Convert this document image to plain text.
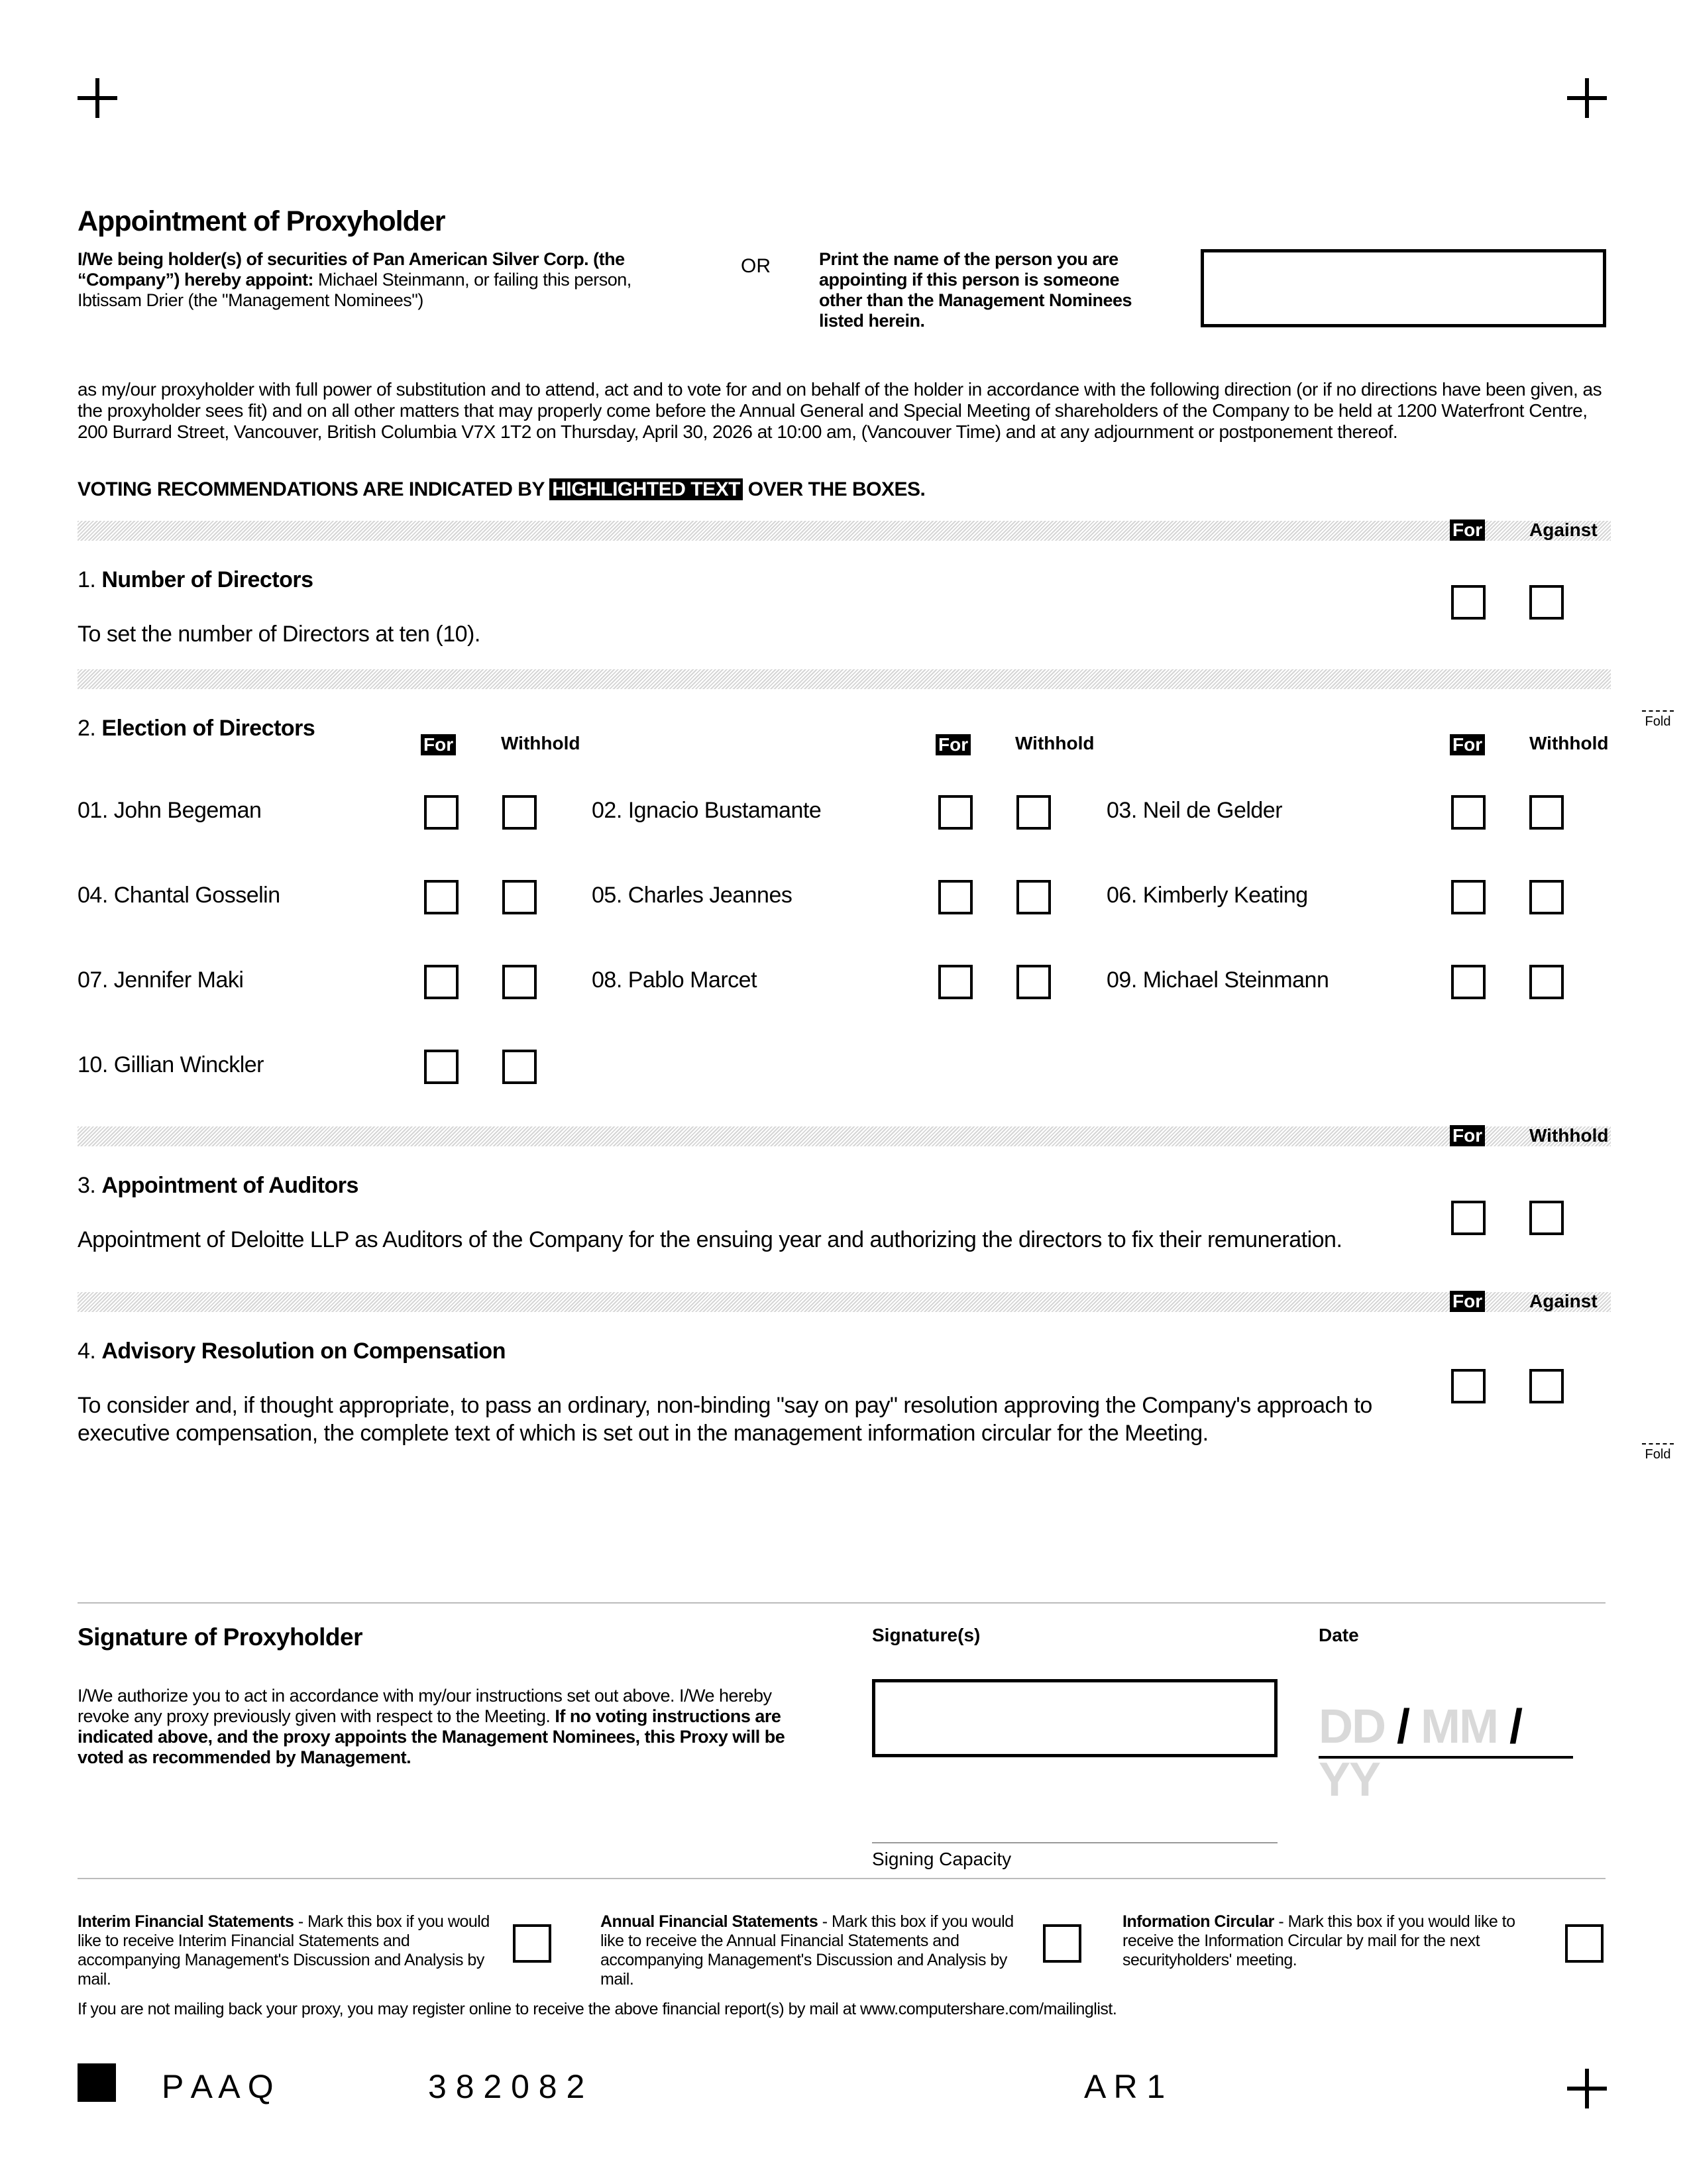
Appointment of Proxyholder
I/We being holder(s) of securities of Pan American Silver Corp. (the “Company”) hereby appoint: Michael Steinmann, or failing this person, Ibtissam Drier (the "Management Nominees")
OR	Print the name of the person you are appointing if this person is someone other than the Management Nominees listed herein.
as my/our proxyholder with full power of substitution and to attend, act and to vote for and on behalf of the holder in accordance with the following direction (or if no directions have been given, as the proxyholder sees fit) and on all other matters that may properly come before the Annual General and Special Meeting of shareholders of the Company to be held at 1200 Waterfront Centre, 200 Burrard Street, Vancouver, British Columbia V7X 1T2 on Thursday, April 30, 2026 at 10:00 am, (Vancouver Time) and at any adjournment or postponement thereof.
VOTING RECOMMENDATIONS ARE INDICATED BY HIGHLIGHTED TEXT OVER THE BOXES.
For	Against
1. Number of Directors
To set the number of Directors at ten (10).
2. Election of Directors
For	Withhold	For	Withhold	For	Withhold
01. John Begeman	02. Ignacio Bustamante	03. Neil de Gelder
04. Chantal Gosselin	05. Charles Jeannes	06. Kimberly Keating
07. Jennifer Maki	08. Pablo Marcet	09. Michael Steinmann
10. Gillian Winckler
Fold
For	Withhold
3. Appointment of Auditors
Appointment of Deloitte LLP as Auditors of the Company for the ensuing year and authorizing the directors to fix their remuneration.
For	Against
4. Advisory Resolution on Compensation
To consider and, if thought appropriate, to pass an ordinary, non-binding "say on pay" resolution approving the Company's approach to executive compensation, the complete text of which is set out in the management information circular for the Meeting.
Fold
Signature of Proxyholder	Signature(s)	Date
I/We authorize you to act in accordance with my/our instructions set out above. I/We hereby revoke any proxy previously given with respect to the Meeting. If no voting instructions are indicated above, and the proxy appoints the Management Nominees, this Proxy will be voted as recommended by Management.
DD / MM / YY
Signing Capacity
Interim Financial Statements - Mark this box if you would like to receive Interim Financial Statements and accompanying Management's Discussion and Analysis by mail.
Annual Financial Statements - Mark this box if you would like to receive the Annual Financial Statements and accompanying Management's Discussion and Analysis by mail.
Information Circular - Mark this box if you would like to receive the Information Circular by mail for the next securityholders' meeting.
If you are not mailing back your proxy, you may register online to receive the above financial report(s) by mail at www.computershare.com/mailinglist.
P A A Q	3 8 2 0 8 2	A R 1
